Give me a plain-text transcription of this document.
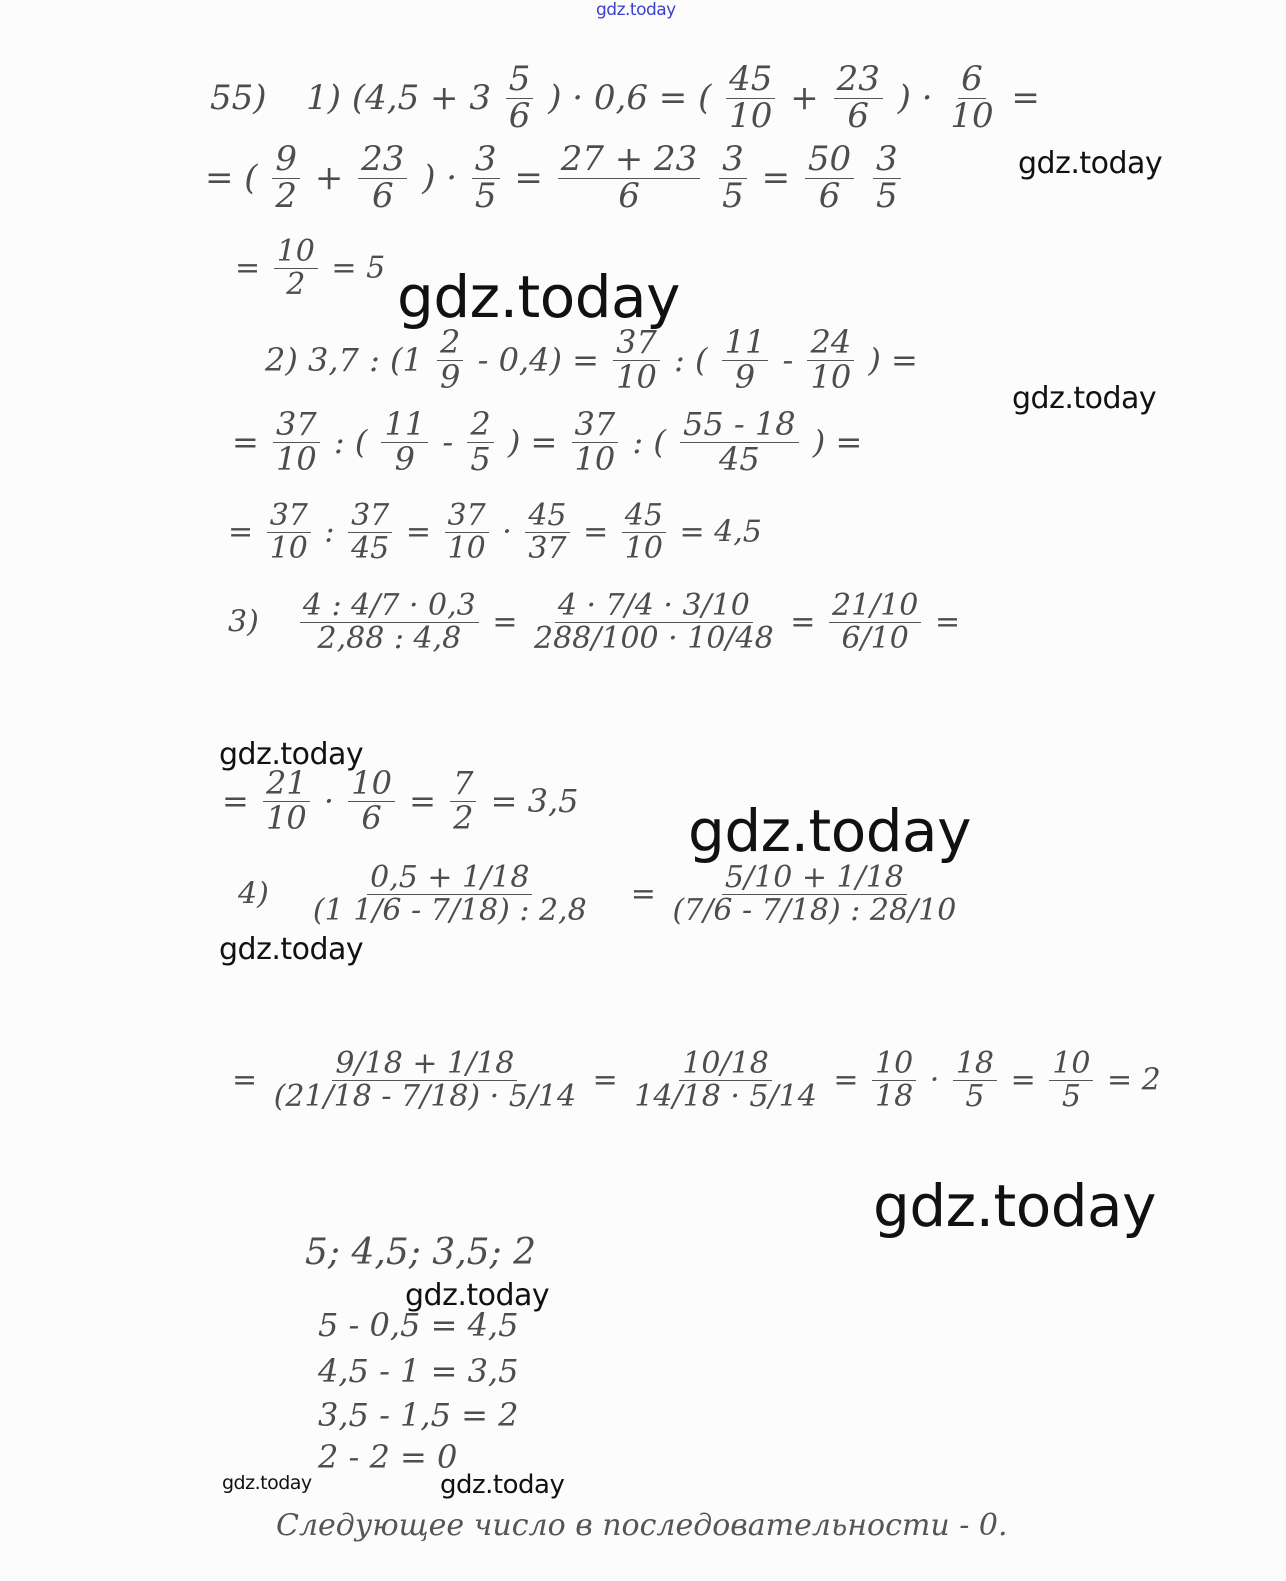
gdz.today
gdz.today
gdz.today
gdz.today
gdz.today
gdz.today
gdz.today
gdz.today
gdz.today
gdz.today	gdz.today
55) 1) ($4,5 + 3 \frac{5}{6}$ ) · 0,6 = ( $\frac{45}{10} + \frac{23}{6}$ ) · $\frac{6}{10}$ =
= ( $\frac{9}{2} + \frac{23}{6}$ ) · $\frac{3}{5} = \frac{27 + 23}{6}$
$\frac{3}{5} = \frac{50}{6}$
$\frac{3}{5}$
= $\frac{10}{2} = 5$
2) 3,7 : $(1 \frac{2}{9} - 0,4) = \frac{37}{10}$ : ( $\frac{11}{9} - \frac{24}{10}$ ) =
= $\frac{37}{10}$ : ( $\frac{11}{9} - \frac{2}{5}$ ) = $\frac{37}{10}$ : ( $\frac{55 - 18}{45}$ ) =
= $\frac{37}{10}$ : $\frac{37}{45} = \frac{37}{10} \cdot \frac{45}{37} = \frac{45}{10} = 4,5$
$3) \frac{4 : 4/7 \cdot 0,3}{2,88 : 4,8} = \frac{4 \cdot 7/4 \cdot 3/10}{288/100 \cdot 10/48} = \frac{21/10}{6/10}$ =
= $\frac{21}{10} \cdot \frac{10}{6} = \frac{7}{2} = 3,5$
$4) \frac{0,5 + 1/18}{(1 1/6 - 7/18) : 2,8} = \frac{5/10 + 1/18}{(7/6 - 7/18) : 28/10}$
= $\frac{9/18 + 1/18}{(21/18 - 7/18) \cdot 5/14} = \frac{10/18}{14/18 \cdot 5/14} = \frac{10}{18} \cdot \frac{18}{5} = \frac{10}{5} = 2$
5; 4,5; 3,5; 2
5 - 0,5 = 4,5
4,5 - 1 = 3,5
3,5 - 1,5 = 2
2 - 2 = 0
Следующее число в последовательности - 0.
